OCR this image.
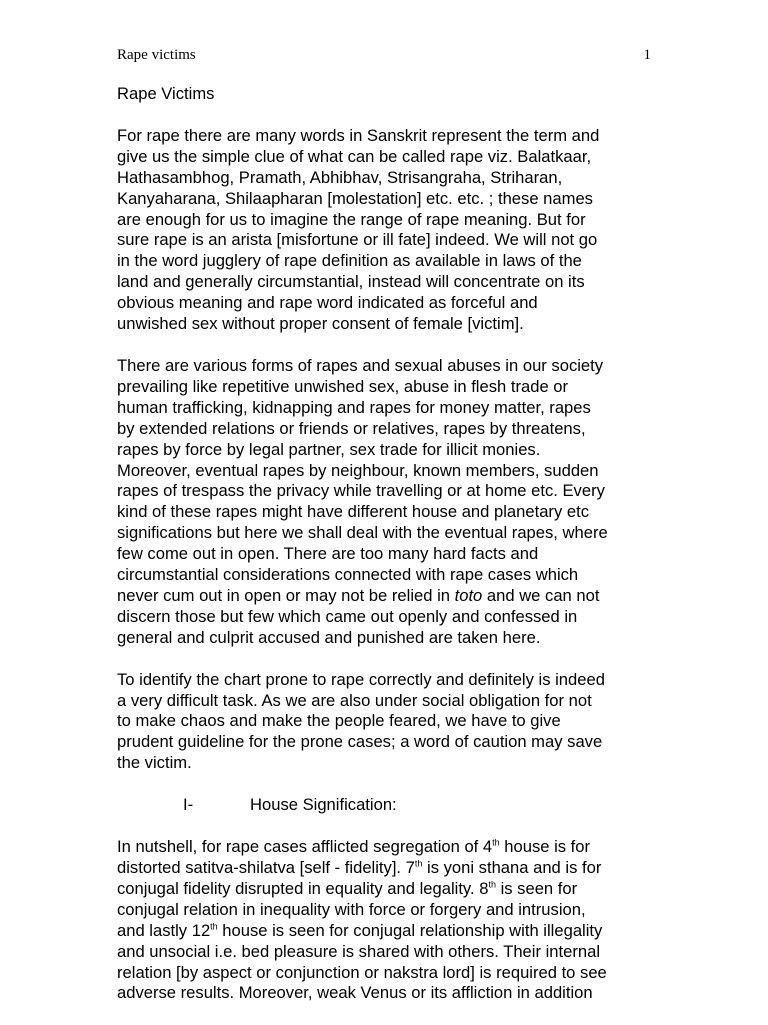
Rape victims	1
Rape Victims

For rape there are many words in Sanskrit represent the term and
give us the simple clue of what can be called rape viz. Balatkaar,
Hathasambhog, Pramath, Abhibhav, Strisangraha, Striharan,
Kanyaharana, Shilaapharan [molestation] etc. etc. ; these names
are enough for us to imagine the range of rape meaning. But for
sure rape is an arista [misfortune or ill fate] indeed. We will not go
in the word jugglery of rape definition as available in laws of the
land and generally circumstantial, instead will concentrate on its
obvious meaning and rape word indicated as forceful and
unwished sex without proper consent of female [victim].

There are various forms of rapes and sexual abuses in our society
prevailing like repetitive unwished sex, abuse in flesh trade or
human trafficking, kidnapping and rapes for money matter, rapes
by extended relations or friends or relatives, rapes by threatens,
rapes by force by legal partner, sex trade for illicit monies.
Moreover, eventual rapes by neighbour, known members, sudden
rapes of trespass the privacy while travelling or at home etc. Every
kind of these rapes might have different house and planetary etc
significations but here we shall deal with the eventual rapes, where
few come out in open. There are too many hard facts and
circumstantial considerations connected with rape cases which
never cum out in open or may not be relied in toto and we can not
discern those but few which came out openly and confessed in
general and culprit accused and punished are taken here.

To identify the chart prone to rape correctly and definitely is indeed
a very difficult task. As we are also under social obligation for not
to make chaos and make the people feared, we have to give
prudent guideline for the prone cases; a word of caution may save
the victim.

I-	House Signification:

In nutshell, for rape cases afflicted segregation of 4th house is for
distorted satitva-shilatva [self - fidelity]. 7th is yoni sthana and is for
conjugal fidelity disrupted in equality and legality. 8th is seen for
conjugal relation in inequality with force or forgery and intrusion,
and lastly 12th house is seen for conjugal relationship with illegality
and unsocial i.e. bed pleasure is shared with others. Their internal
relation [by aspect or conjunction or nakstra lord] is required to see
adverse results. Moreover, weak Venus or its affliction in addition
